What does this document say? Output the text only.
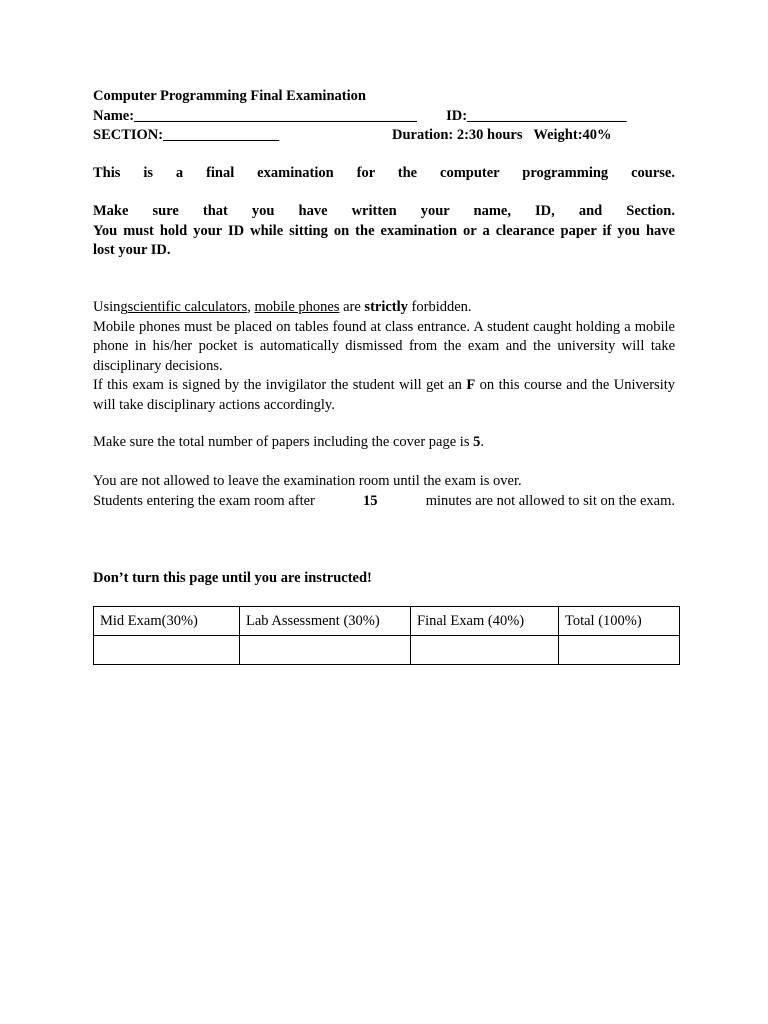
Computer Programming Final Examination
Name:_______________________________________ ID:______________________
SECTION:________________	Duration: 2:30 hours Weight:40%
This is a final examination for the computer programming course.
Make sure that you have written your name, ID, and Section.
You must hold your ID while sitting on the examination or a clearance paper if you have
lost your ID.
Usingscientific calculators, mobile phones are strictly forbidden.
Mobile phones must be placed on tables found at class entrance. A student caught holding a mobile phone in his/her pocket is automatically dismissed from the exam and the university will take disciplinary decisions.
If this exam is signed by the invigilator the student will get an F on this course and the University will take disciplinary actions accordingly.
Make sure the total number of papers including the cover page is 5.
You are not allowed to leave the examination room until the exam is over.
Students entering the exam room after	15	minutes are not allowed to sit on the exam.
Don’t turn this page until you are instructed!
Mid Exam(30%)	Lab Assessment (30%)	Final Exam (40%)	Total (100%)
